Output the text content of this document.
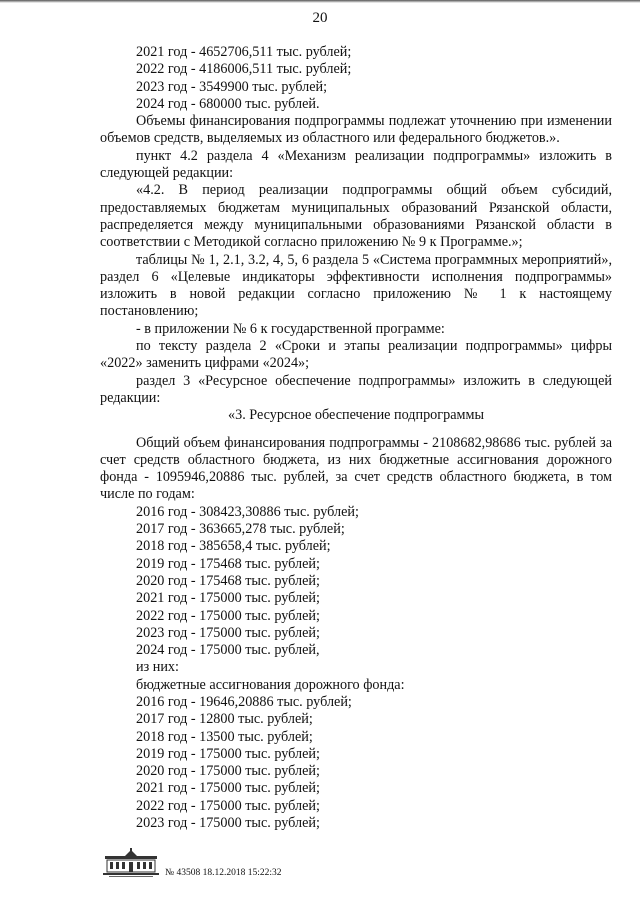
20

2021 год - 4652706,511 тыс. рублей;

2022 год - 4186006,511 тыс. рублей;

2023 год - 3549900 тыс. рублей;

2024 год - 680000 тыс. рублей.

Объемы финансирования подпрограммы подлежат уточнению при изменении объемов средств, выделяемых из областного или федерального бюджетов.».

пункт 4.2 раздела 4 «Механизм реализации подпрограммы» изложить в следующей редакции:

«4.2. В период реализации подпрограммы общий объем субсидий, предоставляемых бюджетам муниципальных образований Рязанской области, распределяется между муниципальными образованиями Рязанской области в соответствии с Методикой согласно приложению № 9 к Программе.»;

таблицы № 1, 2.1, 3.2, 4, 5, 6 раздела 5 «Система программных мероприятий», раздел 6 «Целевые индикаторы эффективности исполнения подпрограммы» изложить в новой редакции согласно приложению № 1 к настоящему постановлению;

- в приложении № 6 к государственной программе:

по тексту раздела 2 «Сроки и этапы реализации подпрограммы» цифры «2022» заменить цифрами «2024»;

раздел 3 «Ресурсное обеспечение подпрограммы» изложить в следующей редакции:

«3. Ресурсное обеспечение подпрограммы

Общий объем финансирования подпрограммы - 2108682,98686 тыс. рублей за счет средств областного бюджета, из них бюджетные ассигнования дорожного фонда - 1095946,20886 тыс. рублей, за счет средств областного бюджета, в том числе по годам:

2016 год - 308423,30886 тыс. рублей;

2017 год - 363665,278 тыс. рублей;

2018 год - 385658,4 тыс. рублей;

2019 год - 175468 тыс. рублей;

2020 год - 175468 тыс. рублей;

2021 год - 175000 тыс. рублей;

2022 год - 175000 тыс. рублей;

2023 год - 175000 тыс. рублей;

2024 год - 175000 тыс. рублей,

из них:

бюджетные ассигнования дорожного фонда:

2016 год - 19646,20886 тыс. рублей;

2017 год - 12800 тыс. рублей;

2018 год - 13500 тыс. рублей;

2019 год - 175000 тыс. рублей;

2020 год - 175000 тыс. рублей;

2021 год - 175000 тыс. рублей;

2022 год - 175000 тыс. рублей;

2023 год - 175000 тыс. рублей;

№ 43508 18.12.2018 15:22:32
